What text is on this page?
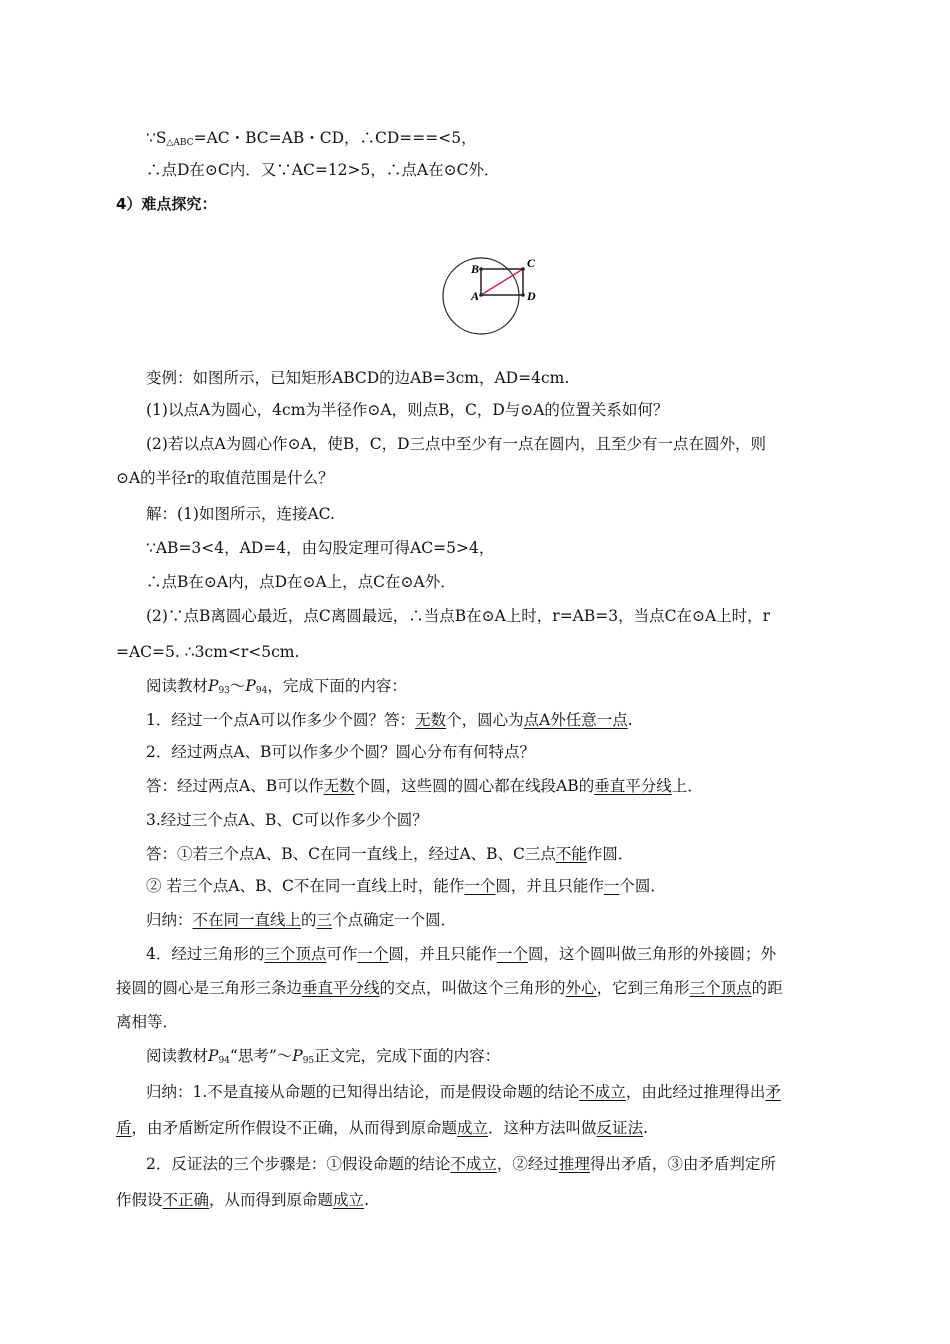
$\because S_{\triangle ABC}=AC$・BC=AB・CD，∴CD===<5，
∴点D在⊙C内．又∵AC=12>5，∴点A在⊙C外．
4）难点探究：
B	C
A	D
变例：如图所示，已知矩形ABCD的边AB=3cm，AD=4cm.
(1)以点A为圆心，4cm为半径作⊙A，则点B，C，D与⊙A的位置关系如何？
(2)若以点A为圆心作⊙A，使B，C，D三点中至少有一点在圆内，且至少有一点在圆外，则
⊙A的半径r的取值范围是什么？
解：(1)如图所示，连接AC.
∵AB=3<4，AD=4，由勾股定理可得AC=5>4，
∴点B在⊙A内，点D在⊙A上，点C在⊙A外．
(2)∵点B离圆心最近，点C离圆最远，∴当点B在⊙A上时，r=AB=3，当点C在⊙A上时，r
=AC=5. ∴3cm<r<5cm.
阅读教材$P_{93}\sim P_{94}$，完成下面的内容：
1．经过一个点A可以作多少个圆？答：无数个，圆心为点A外任意一点.
2．经过两点A、B可以作多少个圆？圆心分布有何特点？
答：经过两点A、B可以作无数个圆，这些圆的圆心都在线段AB的垂直平分线上．
3.经过三个点A、B、C可以作多少个圆？
答：①若三个点A、B、C在同一直线上，经过A、B、C三点不能作圆．
② 若三个点A、B、C不在同一直线上时，能作一个圆，并且只能作一个圆．
归纳：不在同一直线上的三个点确定一个圆．
4．经过三角形的三个顶点可作一个圆，并且只能作一个圆，这个圆叫做三角形的外接圆；外
接圆的圆心是三角形三条边垂直平分线的交点，叫做这个三角形的外心，它到三角形三个顶点的距
离相等．
阅读教材$P_{94}“$思考$”\sim P_{95}$正文完，完成下面的内容：
归纳：1.不是直接从命题的已知得出结论，而是假设命题的结论不成立，由此经过推理得出矛
盾，由矛盾断定所作假设不正确，从而得到原命题成立．这种方法叫做反证法.
2．反证法的三个步骤是：①假设命题的结论不成立，②经过推理得出矛盾，③由矛盾判定所
作假设不正确，从而得到原命题成立.
